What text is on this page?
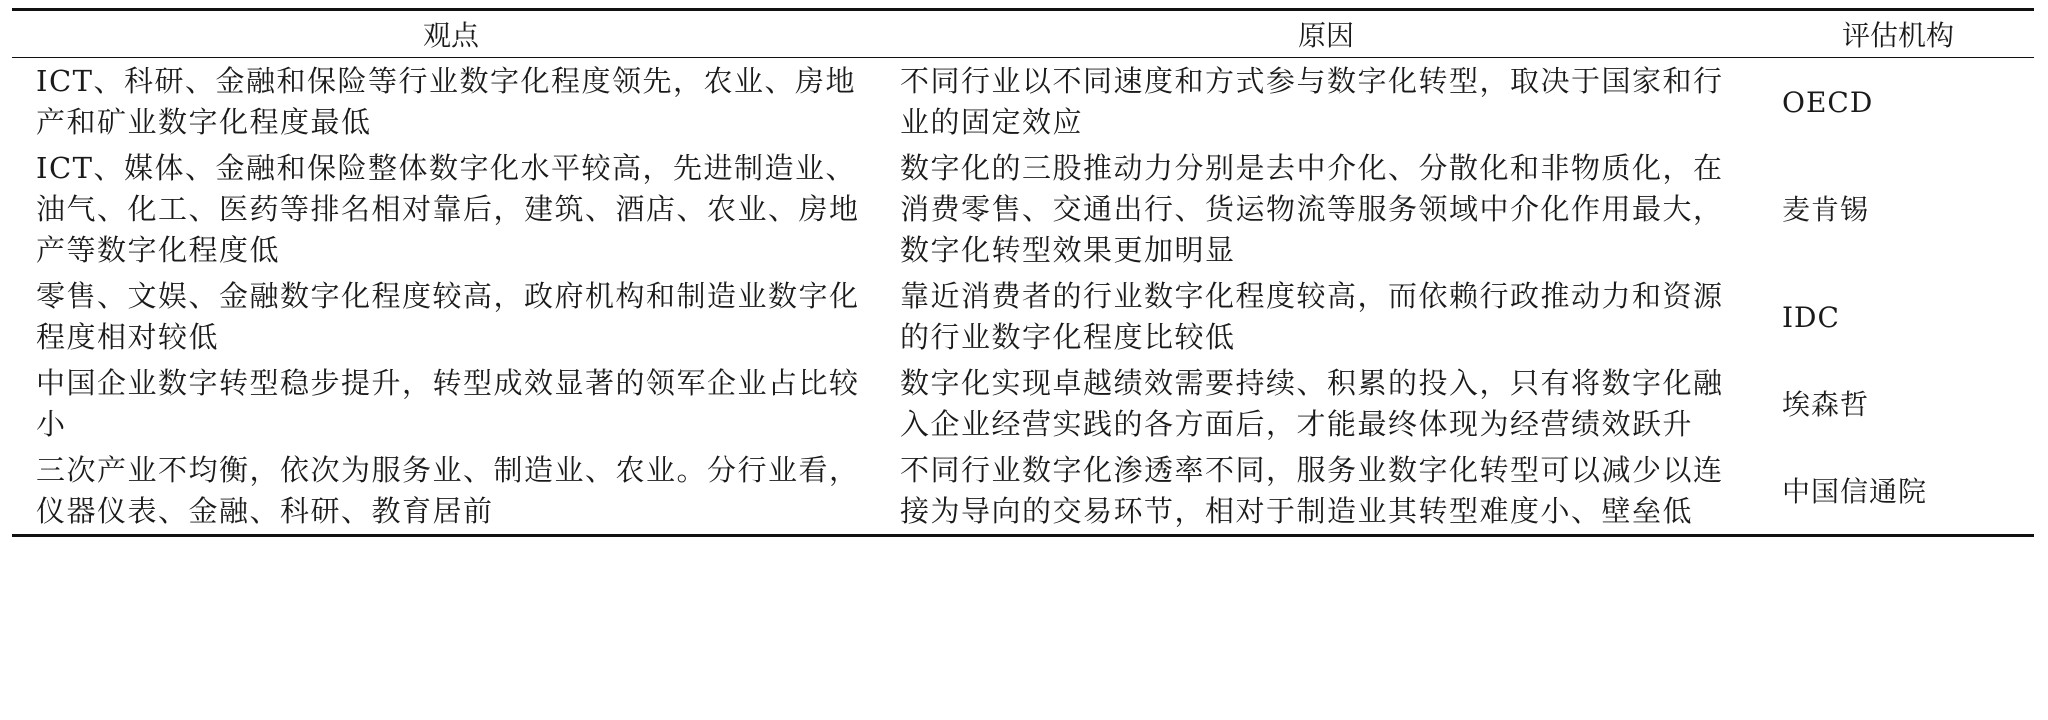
观点	原因	评估机构
ICT、科研、金融和保险等行业数字化程度领先，农业、房地产和矿业数字化程度最低	不同行业以不同速度和方式参与数字化转型，取决于国家和行业的固定效应	OECD
ICT、媒体、金融和保险整体数字化水平较高，先进制造业、油气、化工、医药等排名相对靠后，建筑、酒店、农业、房地产等数字化程度低	数字化的三股推动力分别是去中介化、分散化和非物质化，在消费零售、交通出行、货运物流等服务领域中介化作用最大，数字化转型效果更加明显	麦肯锡
零售、文娱、金融数字化程度较高，政府机构和制造业数字化程度相对较低	靠近消费者的行业数字化程度较高，而依赖行政推动力和资源的行业数字化程度比较低	IDC
中国企业数字转型稳步提升，转型成效显著的领军企业占比较小	数字化实现卓越绩效需要持续、积累的投入，只有将数字化融入企业经营实践的各方面后，才能最终体现为经营绩效跃升	埃森哲
三次产业不均衡，依次为服务业、制造业、农业。分行业看，仪器仪表、金融、科研、教育居前	不同行业数字化渗透率不同，服务业数字化转型可以减少以连接为导向的交易环节，相对于制造业其转型难度小、壁垒低	中国信通院
